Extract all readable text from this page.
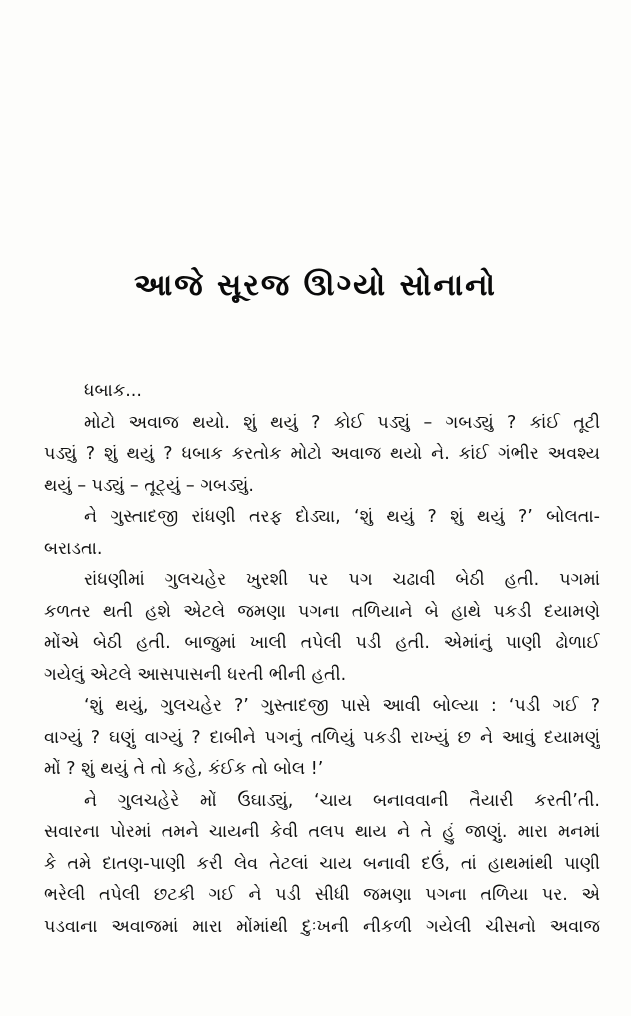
આજે સૂરજ ઊગ્યો સોનાનો
ધબાક...
મોટો અવાજ થયો. શું થયું ? કોઈ પડ્યું – ગબડ્યું ? કાંઈ તૂટી
પડ્યું ? શું થયું ? ધબાક કરતોક મોટો અવાજ થયો ને. કાંઈ ગંભીર અવશ્ય
થયું – પડ્યું – તૂટ્યું – ગબડ્યું.
ને ગુસ્તાદજી રાંધણી તરફ દોડ્યા, ‘શું થયું ? શું થયું ?’ બોલતા-
બરાડતા.
રાંધણીમાં ગુલચહેર ખુરશી પર પગ ચઢાવી બેઠી હતી. પગમાં
કળતર થતી હશે એટલે જમણા પગના તળિયાને બે હાથે પકડી દયામણે
મોંએ બેઠી હતી. બાજુમાં ખાલી તપેલી પડી હતી. એમાંનું પાણી ઢોળાઈ
ગયેલું એટલે આસપાસની ધરતી ભીની હતી.
‘શું થયું, ગુલચહેર ?’ ગુસ્તાદજી પાસે આવી બોલ્યા : ‘પડી ગઈ ?
વાગ્યું ? ઘણું વાગ્યું ? દાબીને પગનું તળિયું પકડી રાખ્યું છ ને આવું દયામણું
મોં ? શું થયું તે તો કહે, કંઈક તો બોલ !’
ને ગુલચહેરે મોં ઉઘાડ્યું, ‘ચાય બનાવવાની તૈયારી કરતી’તી.
સવારના પોરમાં તમને ચાયની કેવી તલપ થાય ને તે હું જાણું. મારા મનમાં
કે તમે દાતણ-પાણી કરી લેવ તેટલાં ચાય બનાવી દઉં, તાં હાથમાંથી પાણી
ભરેલી તપેલી છટકી ગઈ ને પડી સીધી જમણા પગના તળિયા પર. એ
પડવાના અવાજમાં મારા મોંમાંથી દુઃખની નીકળી ગયેલી ચીસનો અવાજ
